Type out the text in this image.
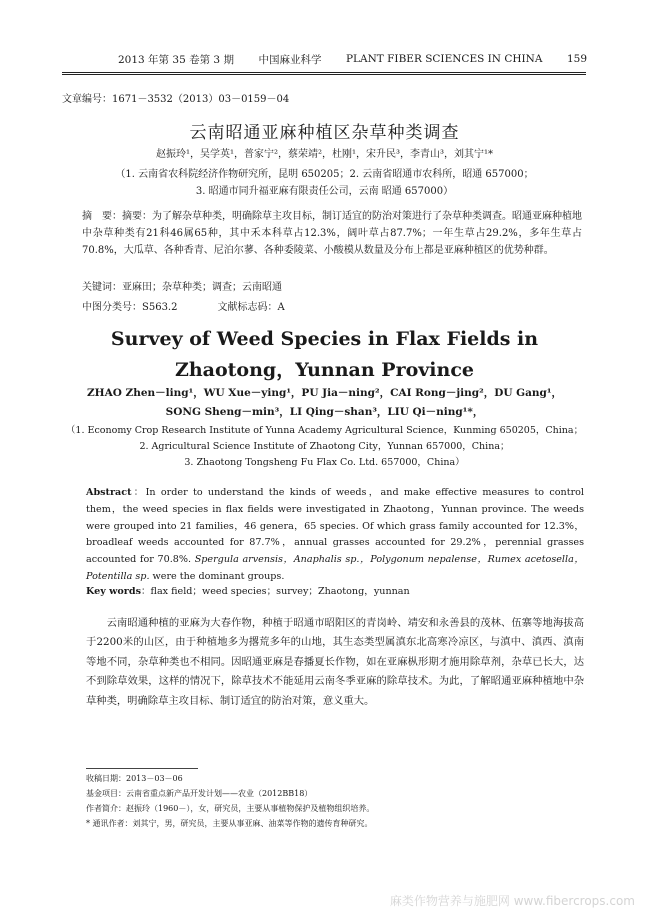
2013 年第 35 卷第 3 期 中国麻业科学 PLANT FIBER SCIENCES IN CHINA 159
文章编号：1671－3532（2013）03－0159－04
云南昭通亚麻种植区杂草种类调查
赵振玲¹，吴学英¹，普家宁²，蔡荣靖²，杜刚¹，宋升民³，李青山³，刘其宁¹*
（1. 云南省农科院经济作物研究所，昆明 650205；2. 云南省昭通市农科所，昭通 657000；
3. 昭通市同升福亚麻有限责任公司，云南 昭通 657000）
摘　要：摘要：为了解杂草种类，明确除草主攻目标，制订适宜的防治对策进行了杂草种类调查。昭通亚麻种植地中杂草种类有21科46属65种，其中禾本科草占12.3%，阔叶草占87.7%；一年生草占29.2%，多年生草占70.8%，大瓜草、各种香青、尼泊尔蓼、各种委陵菜、小酸模从数量及分布上都是亚麻种植区的优势种群。
关键词：亚麻田；杂草种类；调查；云南昭通
中图分类号：S563.2	文献标志码：A
Survey of Weed Species in Flax Fields in
Zhaotong，Yunnan Province
ZHAO Zhen－ling¹，WU Xue－ying¹，PU Jia－ning²，CAI Rong－jing²，DU Gang¹，
SONG Sheng－min³，LI Qing－shan³，LIU Qi－ning¹*，
（1. Economy Crop Research Institute of Yunna Academy Agricultural Science，Kunming 650205，China；
2. Agricultural Science Institute of Zhaotong City，Yunnan 657000，China；
3. Zhaotong Tongsheng Fu Flax Co. Ltd. 657000，China）
Abstract：In order to understand the kinds of weeds，and make effective measures to control them，the weed species in flax fields were investigated in Zhaotong，Yunnan province. The weeds were grouped into 21 families，46 genera，65 species. Of which grass family accounted for 12.3%，broadleaf weeds accounted for 87.7%，annual grasses accounted for 29.2%，perennial grasses accounted for 70.8%. Spergula arvensis，Anaphalis sp.，Polygonum nepalense，Rumex acetosella，Potentilla sp. were the dominant groups.
Key words：flax field；weed species；survey；Zhaotong，yunnan
云南昭通种植的亚麻为大春作物，种植于昭通市昭阳区的青岗岭、靖安和永善县的茂林、伍寨等地海拔高于2200米的山区，由于种植地多为撂荒多年的山地，其生态类型属滇东北高寒冷凉区，与滇中、滇西、滇南等地不同，杂草种类也不相同。因昭通亚麻是春播夏长作物，如在亚麻枞形期才施用除草剂，杂草已长大，达不到除草效果，这样的情况下，除草技术不能延用云南冬季亚麻的除草技术。为此，了解昭通亚麻种植地中杂草种类，明确除草主攻目标、制订适宜的防治对策，意义重大。
收稿日期：2013－03－06
基金项目：云南省重点新产品开发计划——农业（2012BB18）
作者简介：赵振玲（1960－），女，研究员，主要从事植物保护及植物组织培养。
* 通讯作者：刘其宁，男，研究员，主要从事亚麻、油菜等作物的遗传育种研究。
麻类作物营养与施肥网 www.fibercrops.com
